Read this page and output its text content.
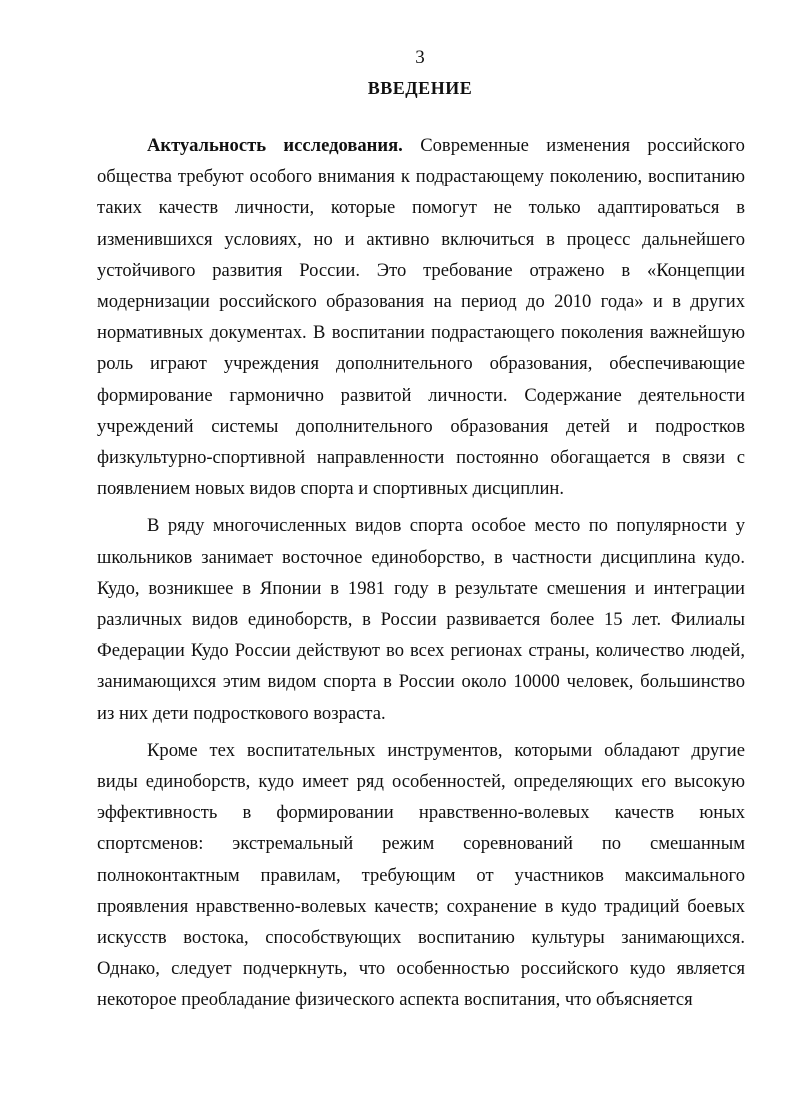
3
ВВЕДЕНИЕ

Актуальность исследования. Современные изменения российского общества требуют особого внимания к подрастающему поколению, воспитанию таких качеств личности, которые помогут не только адаптироваться в изменившихся условиях, но и активно включиться в процесс дальнейшего устойчивого развития России. Это требование отражено в «Концепции модернизации российского образования на период до 2010 года» и в других нормативных документах. В воспитании подрастающего поколения важнейшую роль играют учреждения дополнительного образования, обеспечивающие формирование гармонично развитой личности. Содержание деятельности учреждений системы дополнительного образования детей и подростков физкультурно-спортивной направленности постоянно обогащается в связи с появлением новых видов спорта и спортивных дисциплин.

В ряду многочисленных видов спорта особое место по популярности у школьников занимает восточное единоборство, в частности дисциплина кудо. Кудо, возникшее в Японии в 1981 году в результате смешения и интеграции различных видов единоборств, в России развивается более 15 лет. Филиалы Федерации Кудо России действуют во всех регионах страны, количество людей, занимающихся этим видом спорта в России около 10000 человек, большинство из них дети подросткового возраста.

Кроме тех воспитательных инструментов, которыми обладают другие виды единоборств, кудо имеет ряд особенностей, определяющих его высокую эффективность в формировании нравственно-волевых качеств юных спортсменов: экстремальный режим соревнований по смешанным полноконтактным правилам, требующим от участников максимального проявления нравственно-волевых качеств; сохранение в кудо традиций боевых искусств востока, способствующих воспитанию культуры занимающихся. Однако, следует подчеркнуть, что особенностью российского кудо является некоторое преобладание физического аспекта воспитания, что объясняется
